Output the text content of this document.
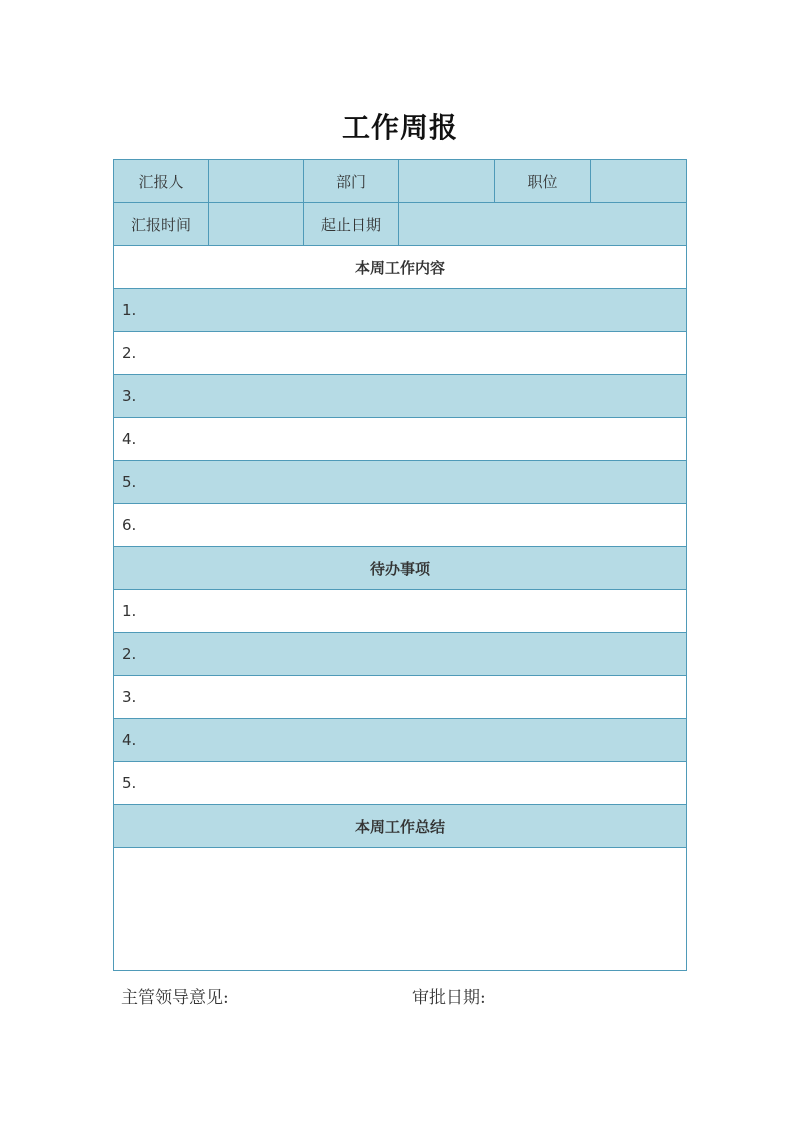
工作周报
汇报人		部门		职位	
汇报时间		起止日期			
本周工作内容					
1.					
2.					
3.					
4.					
5.					
6.					
待办事项					
1.					
2.					
3.					
4.					
5.					
本周工作总结					

主管领导意见:	审批日期:
